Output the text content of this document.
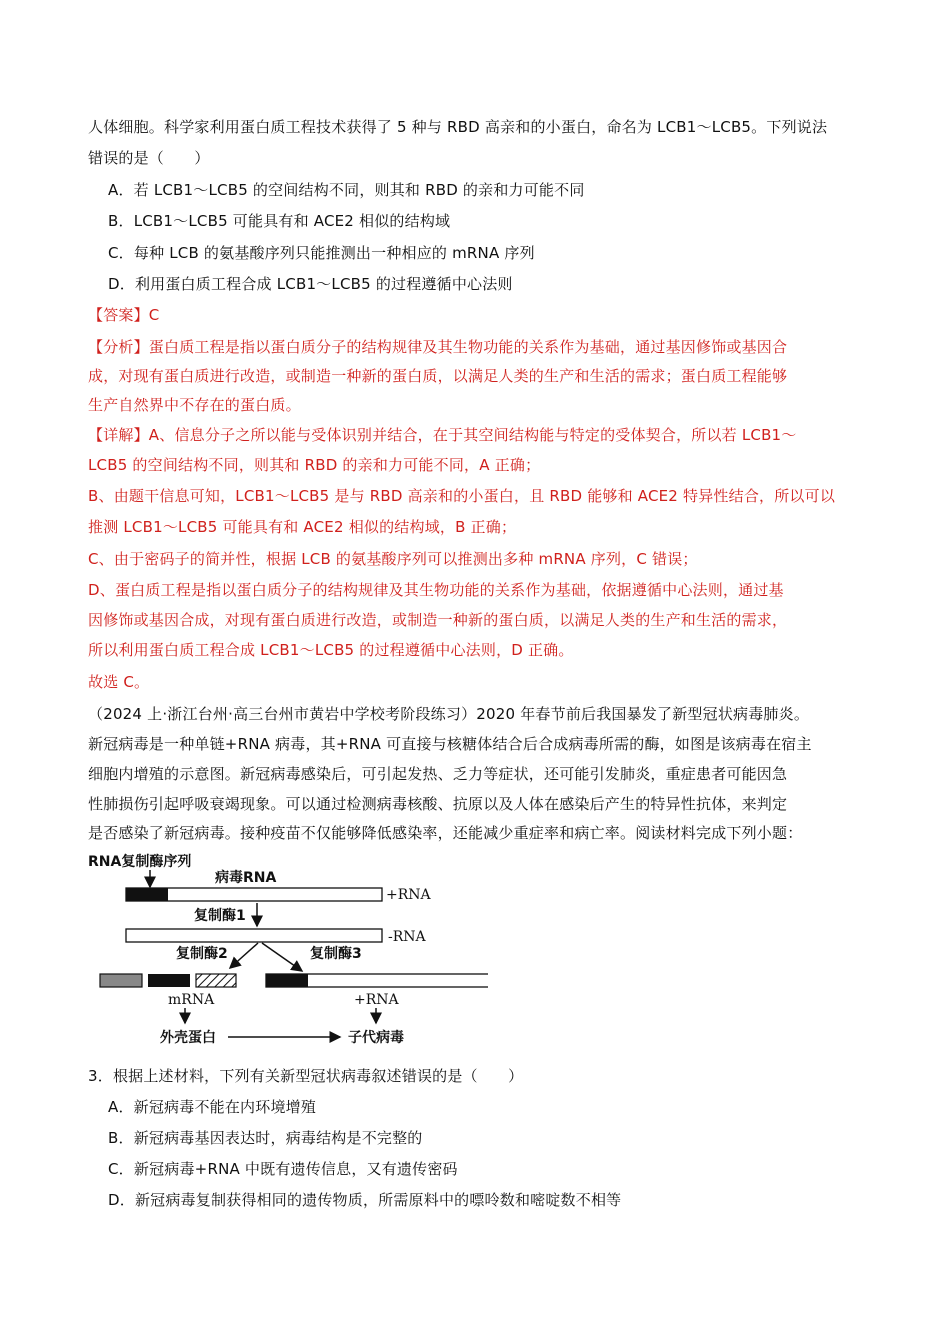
人体细胞。科学家利用蛋白质工程技术获得了 5 种与 RBD 高亲和的小蛋白，命名为 LCB1～LCB5。下列说法
错误的是（　　）
A．若 LCB1～LCB5 的空间结构不同，则其和 RBD 的亲和力可能不同
B．LCB1～LCB5 可能具有和 ACE2 相似的结构域
C．每种 LCB 的氨基酸序列只能推测出一种相应的 mRNA 序列
D．利用蛋白质工程合成 LCB1～LCB5 的过程遵循中心法则
【答案】C
【分析】蛋白质工程是指以蛋白质分子的结构规律及其生物功能的关系作为基础，通过基因修饰或基因合
成，对现有蛋白质进行改造，或制造一种新的蛋白质，以满足人类的生产和生活的需求；蛋白质工程能够
生产自然界中不存在的蛋白质。
【详解】A、信息分子之所以能与受体识别并结合，在于其空间结构能与特定的受体契合，所以若 LCB1～
LCB5 的空间结构不同，则其和 RBD 的亲和力可能不同，A 正确；
B、由题干信息可知，LCB1～LCB5 是与 RBD 高亲和的小蛋白，且 RBD 能够和 ACE2 特异性结合，所以可以
推测 LCB1～LCB5 可能具有和 ACE2 相似的结构域，B 正确；
C、由于密码子的简并性，根据 LCB 的氨基酸序列可以推测出多种 mRNA 序列，C 错误；
D、蛋白质工程是指以蛋白质分子的结构规律及其生物功能的关系作为基础，依据遵循中心法则，通过基
因修饰或基因合成，对现有蛋白质进行改造，或制造一种新的蛋白质，以满足人类的生产和生活的需求，
所以利用蛋白质工程合成 LCB1～LCB5 的过程遵循中心法则，D 正确。
故选 C。
（2024 上·浙江台州·高三台州市黄岩中学校考阶段练习）2020 年春节前后我国暴发了新型冠状病毒肺炎。
新冠病毒是一种单链+RNA 病毒，其+RNA 可直接与核糖体结合后合成病毒所需的酶，如图是该病毒在宿主
细胞内增殖的示意图。新冠病毒感染后，可引起发热、乏力等症状，还可能引发肺炎，重症患者可能因急
性肺损伤引起呼吸衰竭现象。可以通过检测病毒核酸、抗原以及人体在感染后产生的特异性抗体，来判定
是否感染了新冠病毒。接种疫苗不仅能够降低感染率，还能减少重症率和病亡率。阅读材料完成下列小题：
RNA复制酶序列
病毒RNA
+RNA
复制酶1
-RNA
复制酶2	复制酶3
mRNA	+RNA
外壳蛋白	子代病毒
3．根据上述材料，下列有关新型冠状病毒叙述错误的是（　　）
A．新冠病毒不能在内环境增殖
B．新冠病毒基因表达时，病毒结构是不完整的
C．新冠病毒+RNA 中既有遗传信息，又有遗传密码
D．新冠病毒复制获得相同的遗传物质，所需原料中的嘌呤数和嘧啶数不相等
